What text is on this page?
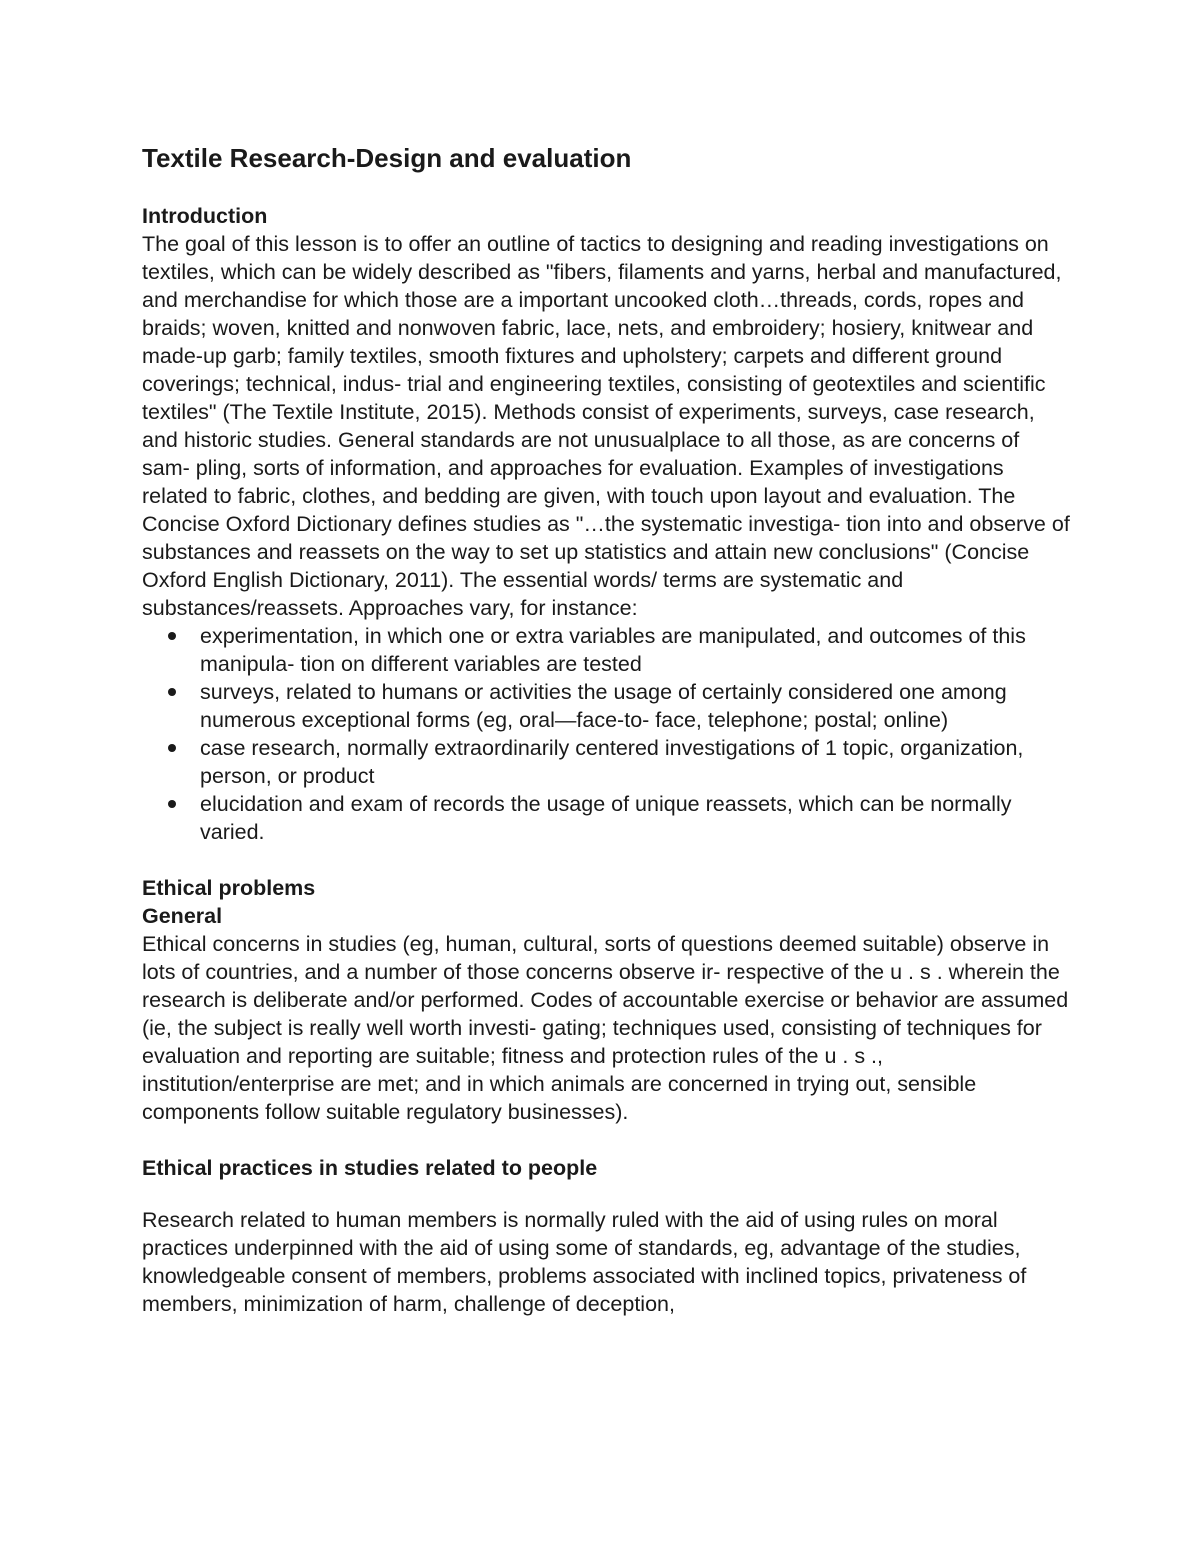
Textile Research-Design and evaluation
Introduction

The goal of this lesson is to offer an outline of tactics to designing and reading investigations on textiles, which can be widely described as "fibers, filaments and yarns, herbal and manufactured, and merchandise for which those are a important uncooked cloth…threads, cords, ropes and braids; woven, knitted and nonwoven fabric, lace, nets, and embroidery; hosiery, knitwear and made-up garb; family textiles, smooth fixtures and upholstery; carpets and different ground coverings; technical, indus- trial and engineering textiles, consisting of geotextiles and scientific textiles" (The Textile Institute, 2015). Methods consist of experiments, surveys, case research, and historic studies. General standards are not unusualplace to all those, as are concerns of sam- pling, sorts of information, and approaches for evaluation. Examples of investigations related to fabric, clothes, and bedding are given, with touch upon layout and evaluation. The Concise Oxford Dictionary defines studies as "…the systematic investiga- tion into and observe of substances and reassets on the way to set up statistics and attain new conclusions" (Concise Oxford English Dictionary, 2011). The essential words/ terms are systematic and substances/reassets. Approaches vary, for instance:

experimentation, in which one or extra variables are manipulated, and outcomes of this manipula- tion on different variables are tested
surveys, related to humans or activities the usage of certainly considered one among numerous exceptional forms (eg, oral—face-to- face, telephone; postal; online)
case research, normally extraordinarily centered investigations of 1 topic, organization, person, or product
elucidation and exam of records the usage of unique reassets, which can be normally varied.
Ethical problems
General

Ethical concerns in studies (eg, human, cultural, sorts of questions deemed suitable) observe in lots of countries, and a number of those concerns observe ir- respective of the u . s . wherein the research is deliberate and/or performed. Codes of accountable exercise or behavior are assumed (ie, the subject is really well worth investi- gating; techniques used, consisting of techniques for evaluation and reporting are suitable; fitness and protection rules of the u . s ., institution/enterprise are met; and in which animals are concerned in trying out, sensible components follow suitable regulatory businesses).

Ethical practices in studies related to people

Research related to human members is normally ruled with the aid of using rules on moral practices underpinned with the aid of using some of standards, eg, advantage of the studies, knowledgeable consent of members, problems associated with inclined topics, privateness of members, minimization of harm, challenge of deception,
